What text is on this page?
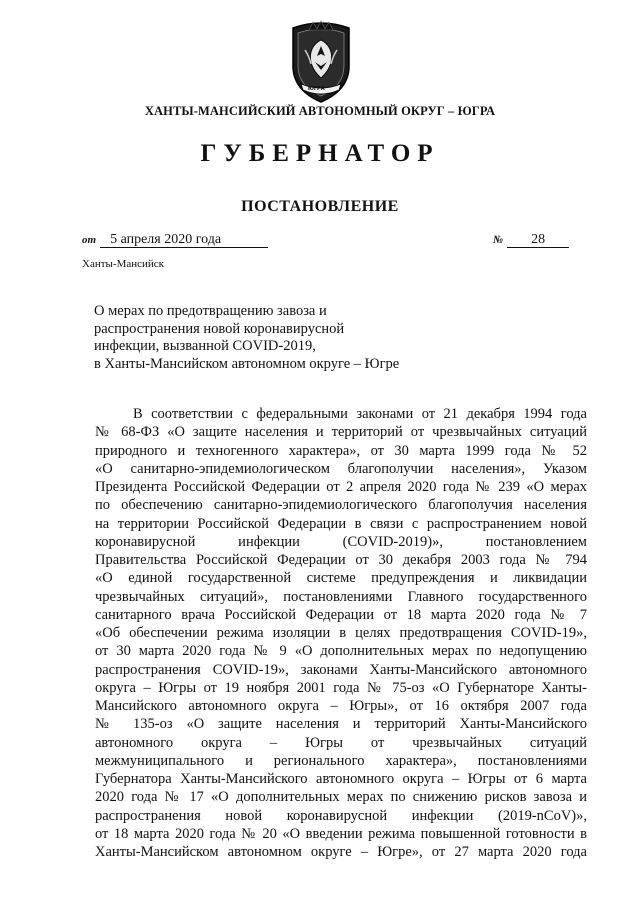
ЮГРА
ХАНТЫ-МАНСИЙСКИЙ АВТОНОМНЫЙ ОКРУГ – ЮГРА
ГУБЕРНАТОР
ПОСТАНОВЛЕНИЕ
от 5 апреля 2020 года	№ 28
Ханты-Мансийск
О мерах по предотвращению завоза и
распространения новой коронавирусной
инфекции, вызванной COVID-2019,
в Ханты-Мансийском автономном округе – Югре
В соответствии с федеральными законами от 21 декабря 1994 года
№ 68-ФЗ «О защите населения и территорий от чрезвычайных ситуаций
природного и техногенного характера», от 30 марта 1999 года № 52
«О санитарно-эпидемиологическом благополучии населения», Указом
Президента Российской Федерации от 2 апреля 2020 года № 239 «О мерах
по обеспечению санитарно-эпидемиологического благополучия населения
на территории Российской Федерации в связи с распространением новой
коронавирусной инфекции (COVID-2019)», постановлением
Правительства Российской Федерации от 30 декабря 2003 года № 794
«О единой государственной системе предупреждения и ликвидации
чрезвычайных ситуаций», постановлениями Главного государственного
санитарного врача Российской Федерации от 18 марта 2020 года № 7
«Об обеспечении режима изоляции в целях предотвращения COVID-19»,
от 30 марта 2020 года № 9 «О дополнительных мерах по недопущению
распространения COVID-19», законами Ханты-Мансийского автономного
округа – Югры от 19 ноября 2001 года № 75-оз «О Губернаторе Ханты-
Мансийского автономного округа – Югры», от 16 октября 2007 года
№ 135-оз «О защите населения и территорий Ханты-Мансийского
автономного округа – Югры от чрезвычайных ситуаций
межмуниципального и регионального характера», постановлениями
Губернатора Ханты-Мансийского автономного округа – Югры от 6 марта
2020 года № 17 «О дополнительных мерах по снижению рисков завоза и
распространения новой коронавирусной инфекции (2019-nCoV)»,
от 18 марта 2020 года № 20 «О введении режима повышенной готовности в
Ханты-Мансийском автономном округе – Югре», от 27 марта 2020 года
